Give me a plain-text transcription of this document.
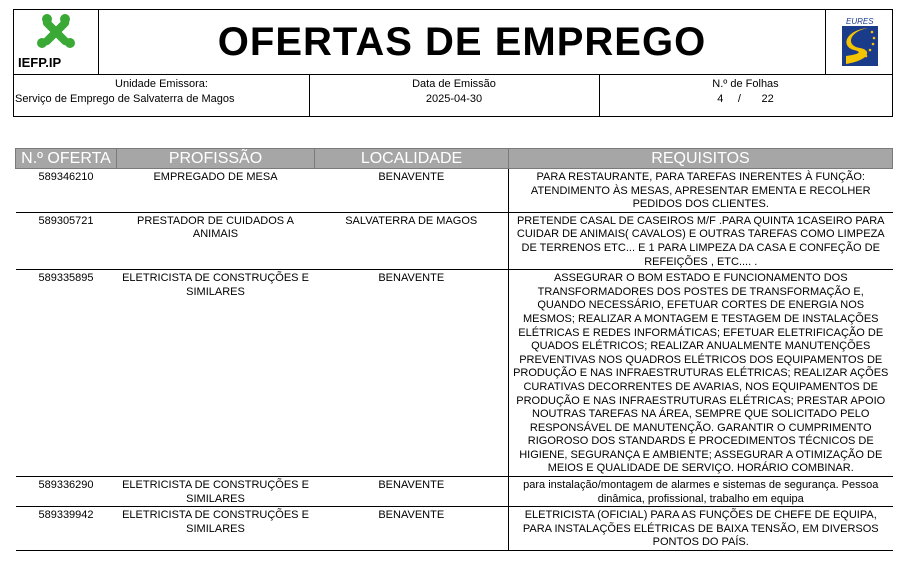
IEFP.IP	OFERTAS DE EMPREGO	EURES
Unidade Emissora:
Serviço de Emprego de Salvaterra de Magos
Data de Emissão
2025-04-30
N.º de Folhas
4 / 22
N.º OFERTA	PROFISSÃO	LOCALIDADE	REQUISITOS
589346210	EMPREGADO DE MESA	BENAVENTE	PARA RESTAURANTE, PARA TAREFAS INERENTES À FUNÇÃO: ATENDIMENTO ÀS MESAS, APRESENTAR EMENTA E RECOLHER PEDIDOS DOS CLIENTES.
589305721	PRESTADOR DE CUIDADOS A ANIMAIS	SALVATERRA DE MAGOS	PRETENDE CASAL DE CASEIROS M/F .PARA QUINTA 1CASEIRO PARA CUIDAR DE ANIMAIS( CAVALOS) E OUTRAS TAREFAS COMO LIMPEZA DE TERRENOS ETC... E 1 PARA LIMPEZA DA CASA E CONFEÇÃO DE REFEIÇÕES , ETC.... .
589335895	ELETRICISTA DE CONSTRUÇÕES E SIMILARES	BENAVENTE	ASSEGURAR O BOM ESTADO E FUNCIONAMENTO DOS TRANSFORMADORES DOS POSTES DE TRANSFORMAÇÃO E, QUANDO NECESSÁRIO, EFETUAR CORTES DE ENERGIA NOS MESMOS; REALIZAR A MONTAGEM E TESTAGEM DE INSTALAÇÕES ELÉTRICAS E REDES INFORMÁTICAS; EFETUAR ELETRIFICAÇÃO DE QUADOS ELÉTRICOS; REALIZAR ANUALMENTE MANUTENÇÕES PREVENTIVAS NOS QUADROS ELÉTRICOS DOS EQUIPAMENTOS DE PRODUÇÃO E NAS INFRAESTRUTURAS ELÉTRICAS; REALIZAR AÇÕES CURATIVAS DECORRENTES DE AVARIAS, NOS EQUIPAMENTOS DE PRODUÇÃO E NAS INFRAESTRUTURAS ELÉTRICAS; PRESTAR APOIO NOUTRAS TAREFAS NA ÁREA, SEMPRE QUE SOLICITADO PELO RESPONSÁVEL DE MANUTENÇÃO. GARANTIR O CUMPRIMENTO RIGOROSO DOS STANDARDS E PROCEDIMENTOS TÉCNICOS DE HIGIENE, SEGURANÇA E AMBIENTE; ASSEGURAR A OTIMIZAÇÃO DE MEIOS E QUALIDADE DE SERVIÇO. HORÁRIO COMBINAR.
589336290	ELETRICISTA DE CONSTRUÇÕES E SIMILARES	BENAVENTE	para instalação/montagem de alarmes e sistemas de segurança. Pessoa dinâmica, profissional, trabalho em equipa
589339942	ELETRICISTA DE CONSTRUÇÕES E SIMILARES	BENAVENTE	ELETRICISTA (OFICIAL) PARA AS FUNÇÕES DE CHEFE DE EQUIPA, PARA INSTALAÇÕES ELÉTRICAS DE BAIXA TENSÃO, EM DIVERSOS PONTOS DO PAÍS.
